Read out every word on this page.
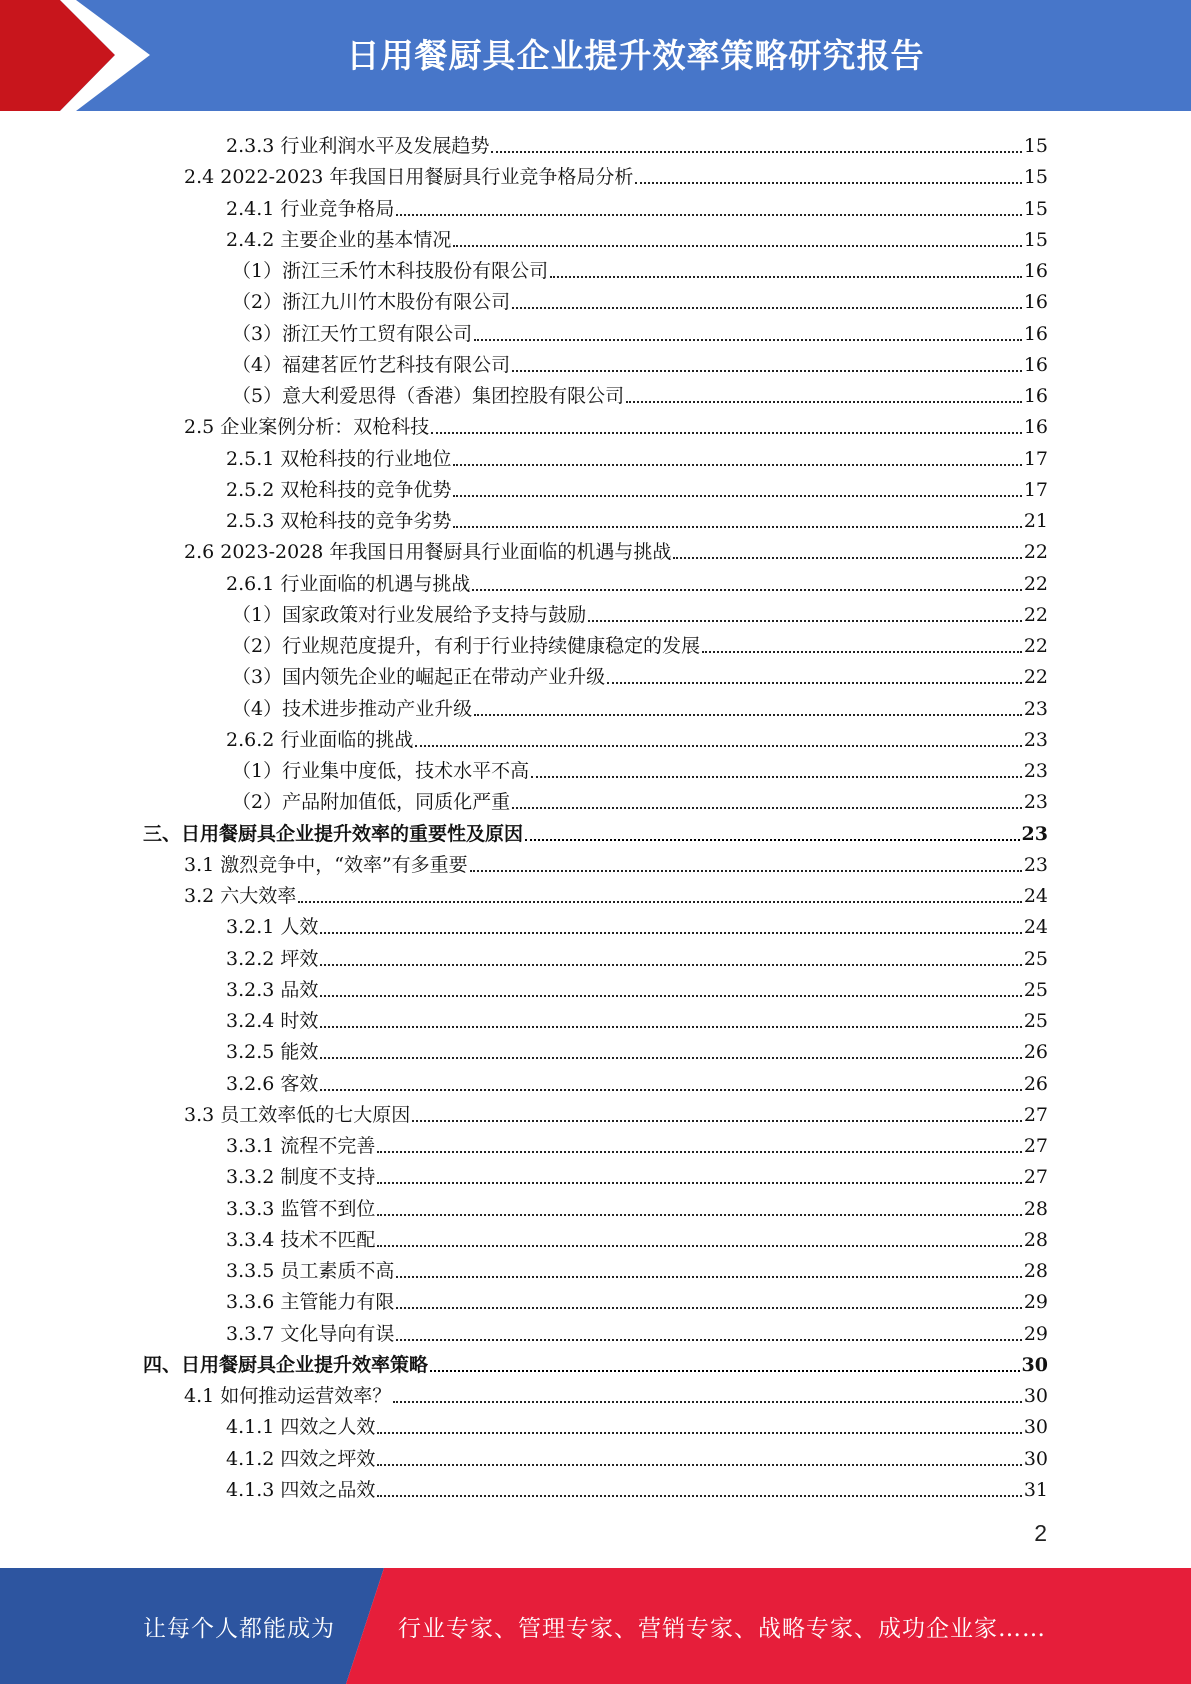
日用餐厨具企业提升效率策略研究报告
2.3.3 行业利润水平及发展趋势	15
2.4 2022-2023 年我国日用餐厨具行业竞争格局分析	15
2.4.1 行业竞争格局	15
2.4.2 主要企业的基本情况	15
（1）浙江三禾竹木科技股份有限公司	16
（2）浙江九川竹木股份有限公司	16
（3）浙江天竹工贸有限公司	16
（4）福建茗匠竹艺科技有限公司	16
（5）意大利爱思得（香港）集团控股有限公司	16
2.5 企业案例分析：双枪科技	16
2.5.1 双枪科技的行业地位	17
2.5.2 双枪科技的竞争优势	17
2.5.3 双枪科技的竞争劣势	21
2.6 2023-2028 年我国日用餐厨具行业面临的机遇与挑战	22
2.6.1 行业面临的机遇与挑战	22
（1）国家政策对行业发展给予支持与鼓励	22
（2）行业规范度提升，有利于行业持续健康稳定的发展	22
（3）国内领先企业的崛起正在带动产业升级	22
（4）技术进步推动产业升级	23
2.6.2 行业面临的挑战	23
（1）行业集中度低，技术水平不高	23
（2）产品附加值低，同质化严重	23
三、日用餐厨具企业提升效率的重要性及原因	23
3.1 激烈竞争中，“效率”有多重要	23
3.2 六大效率	24
3.2.1 人效	24
3.2.2 坪效	25
3.2.3 品效	25
3.2.4 时效	25
3.2.5 能效	26
3.2.6 客效	26
3.3 员工效率低的七大原因	27
3.3.1 流程不完善	27
3.3.2 制度不支持	27
3.3.3 监管不到位	28
3.3.4 技术不匹配	28
3.3.5 员工素质不高	28
3.3.6 主管能力有限	29
3.3.7 文化导向有误	29
四、日用餐厨具企业提升效率策略	30
4.1 如何推动运营效率？	30
4.1.1 四效之人效	30
4.1.2 四效之坪效	30
4.1.3 四效之品效	31
2
让每个人都能成为	行业专家、管理专家、营销专家、战略专家、成功企业家……
